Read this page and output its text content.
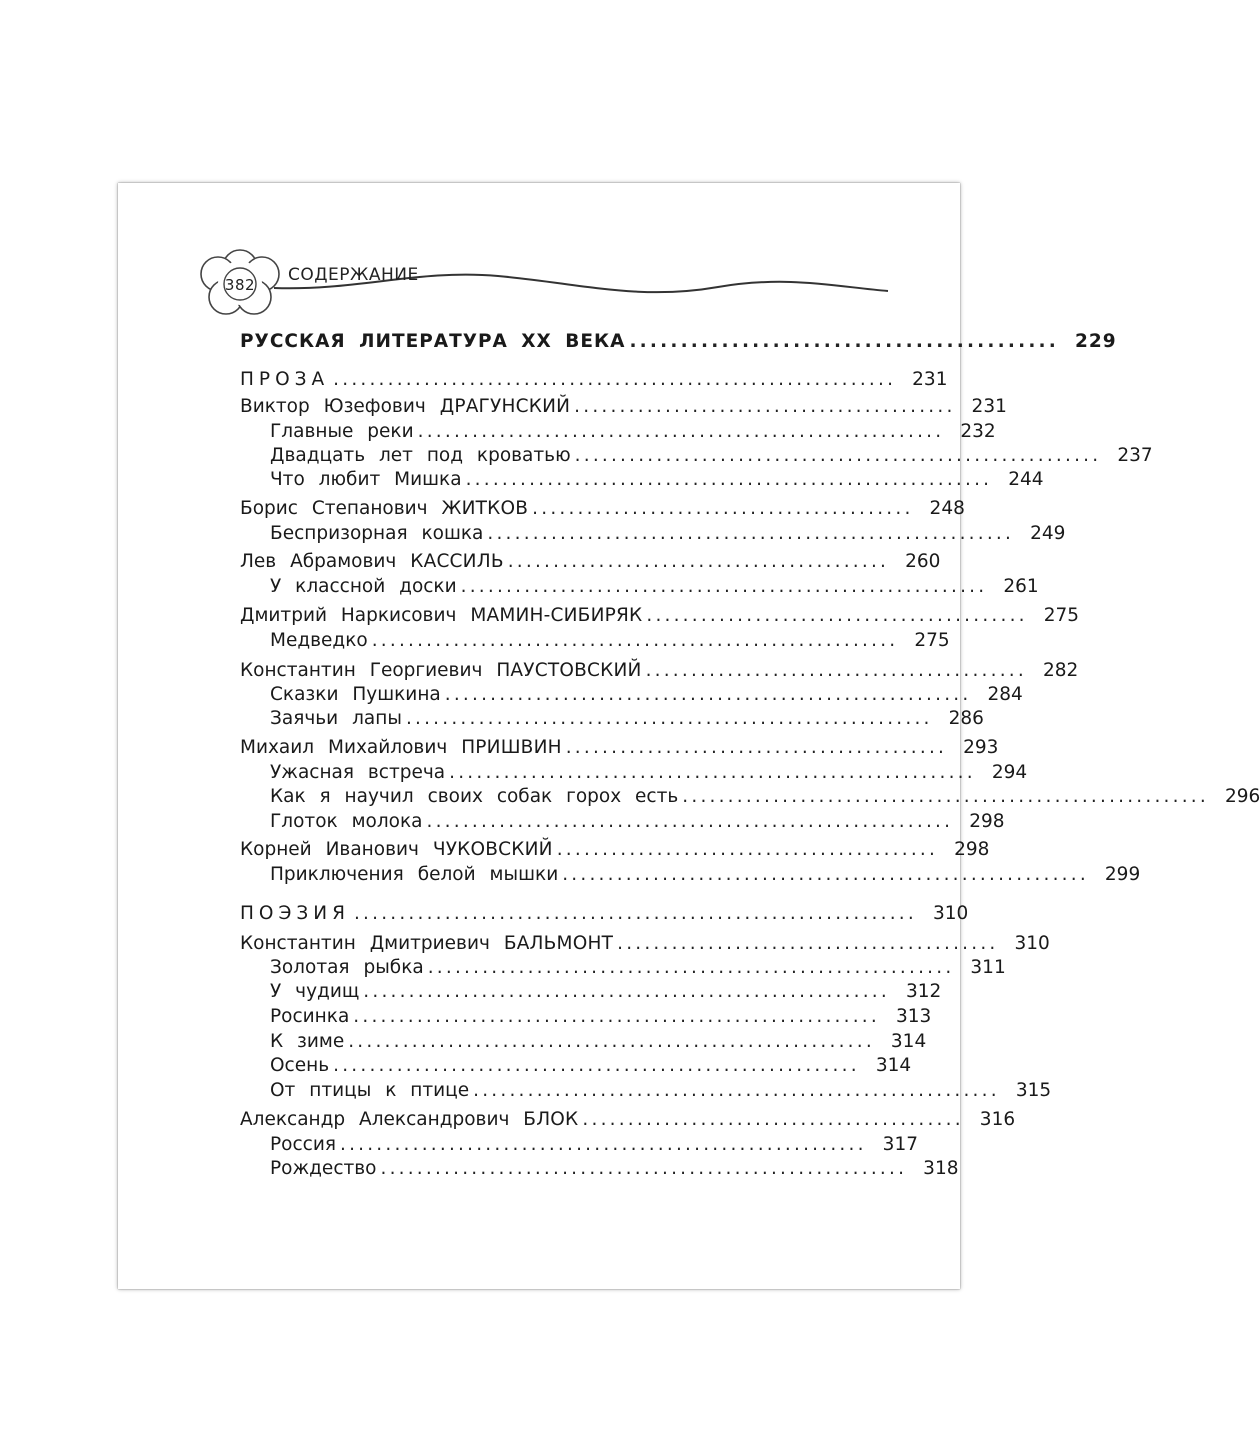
382	СОДЕРЖАНИЕ
РУССКАЯ ЛИТЕРАТУРА ХХ ВЕКА .......................................... 229
ПРОЗА .............................................................. 231
Виктор Юзефович ДРАГУНСКИЙ .......................................... 231
Главные реки .......................................................... 232
Двадцать лет под кроватью .......................................................... 237
Что любит Мишка .......................................................... 244
Борис Степанович ЖИТКОВ .......................................... 248
Беспризорная кошка .......................................................... 249
Лев Абрамович КАССИЛЬ .......................................... 260
У классной доски .......................................................... 261
Дмитрий Наркисович МАМИН-СИБИРЯК .......................................... 275
Медведко .......................................................... 275
Константин Георгиевич ПАУСТОВСКИЙ .......................................... 282
Сказки Пушкина .......................................................... 284
Заячьи лапы .......................................................... 286
Михаил Михайлович ПРИШВИН .......................................... 293
Ужасная встреча .......................................................... 294
Как я научил своих собак горох есть .......................................................... 296
Глоток молока .......................................................... 298
Корней Иванович ЧУКОВСКИЙ .......................................... 298
Приключения белой мышки .......................................................... 299
ПОЭЗИЯ .............................................................. 310
Константин Дмитриевич БАЛЬМОНТ .......................................... 310
Золотая рыбка .......................................................... 311
У чудищ .......................................................... 312
Росинка .......................................................... 313
К зиме .......................................................... 314
Осень .......................................................... 314
От птицы к птице .......................................................... 315
Александр Александрович БЛОК .......................................... 316
Россия .......................................................... 317
Рождество .......................................................... 318
